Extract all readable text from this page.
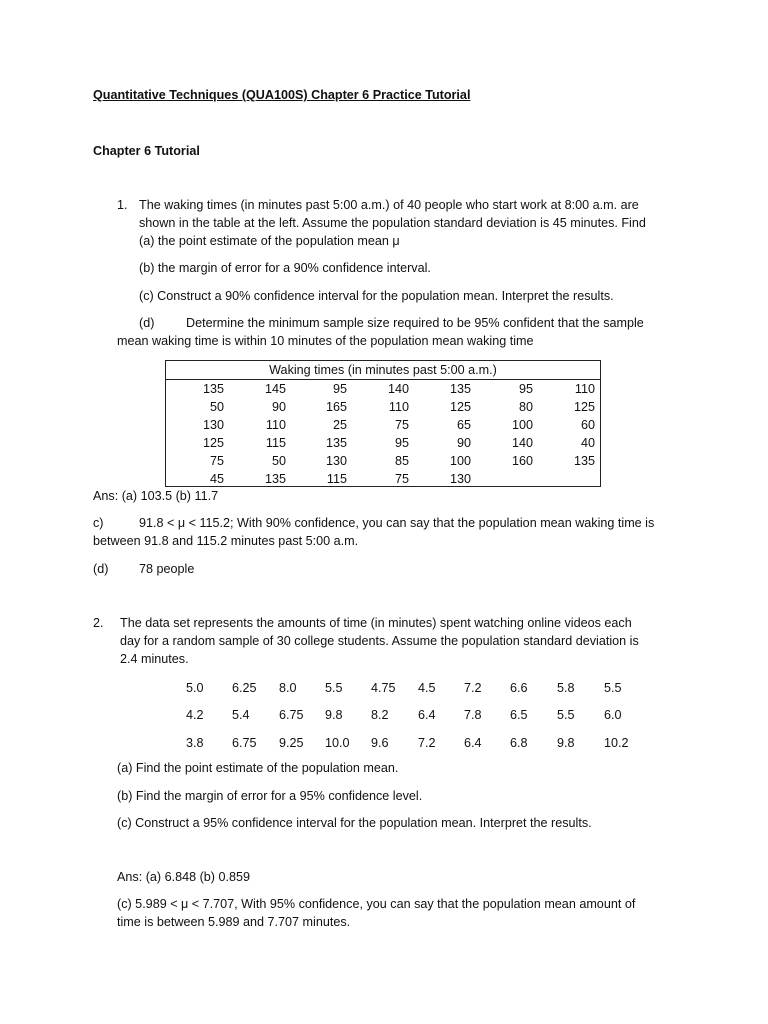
Quantitative Techniques (QUA100S) Chapter 6 Practice Tutorial
Chapter 6 Tutorial
1. The waking times (in minutes past 5:00 a.m.) of 40 people who start work at 8:00 a.m. are
shown in the table at the left. Assume the population standard deviation is 45 minutes. Find
(a) the point estimate of the population mean μ
(b) the margin of error for a 90% confidence interval.
(c) Construct a 90% confidence interval for the population mean. Interpret the results.
(d)	Determine the minimum sample size required to be 95% confident that the sample
mean waking time is within 10 minutes of the population mean waking time
Waking times (in minutes past 5:00 a.m.)
135	145	95	140	135	95	110
50	90	165	110	125	80	125
130	110	25	75	65	100	60
125	115	135	95	90	140	40
75	50	130	85	100	160	135
45	135	115	75	130
Ans: (a) 103.5 (b) 11.7
c)	91.8 < μ < 115.2; With 90% confidence, you can say that the population mean waking time is
between 91.8 and 115.2 minutes past 5:00 a.m.
(d) 78 people
2. The data set represents the amounts of time (in minutes) spent watching online videos each
day for a random sample of 30 college students. Assume the population standard deviation is
2.4 minutes.
5.0 6.25 8.0 5.5 4.75 4.5 7.2 6.6 5.8 5.5
4.2 5.4 6.75 9.8 8.2 6.4 7.8 6.5 5.5 6.0
3.8 6.75 9.25 10.0 9.6 7.2 6.4 6.8 9.8 10.2
(a) Find the point estimate of the population mean.
(b) Find the margin of error for a 95% confidence level.
(c) Construct a 95% confidence interval for the population mean. Interpret the results.
Ans: (a) 6.848 (b) 0.859
(c) 5.989 < μ < 7.707, With 95% confidence, you can say that the population mean amount of
time is between 5.989 and 7.707 minutes.
